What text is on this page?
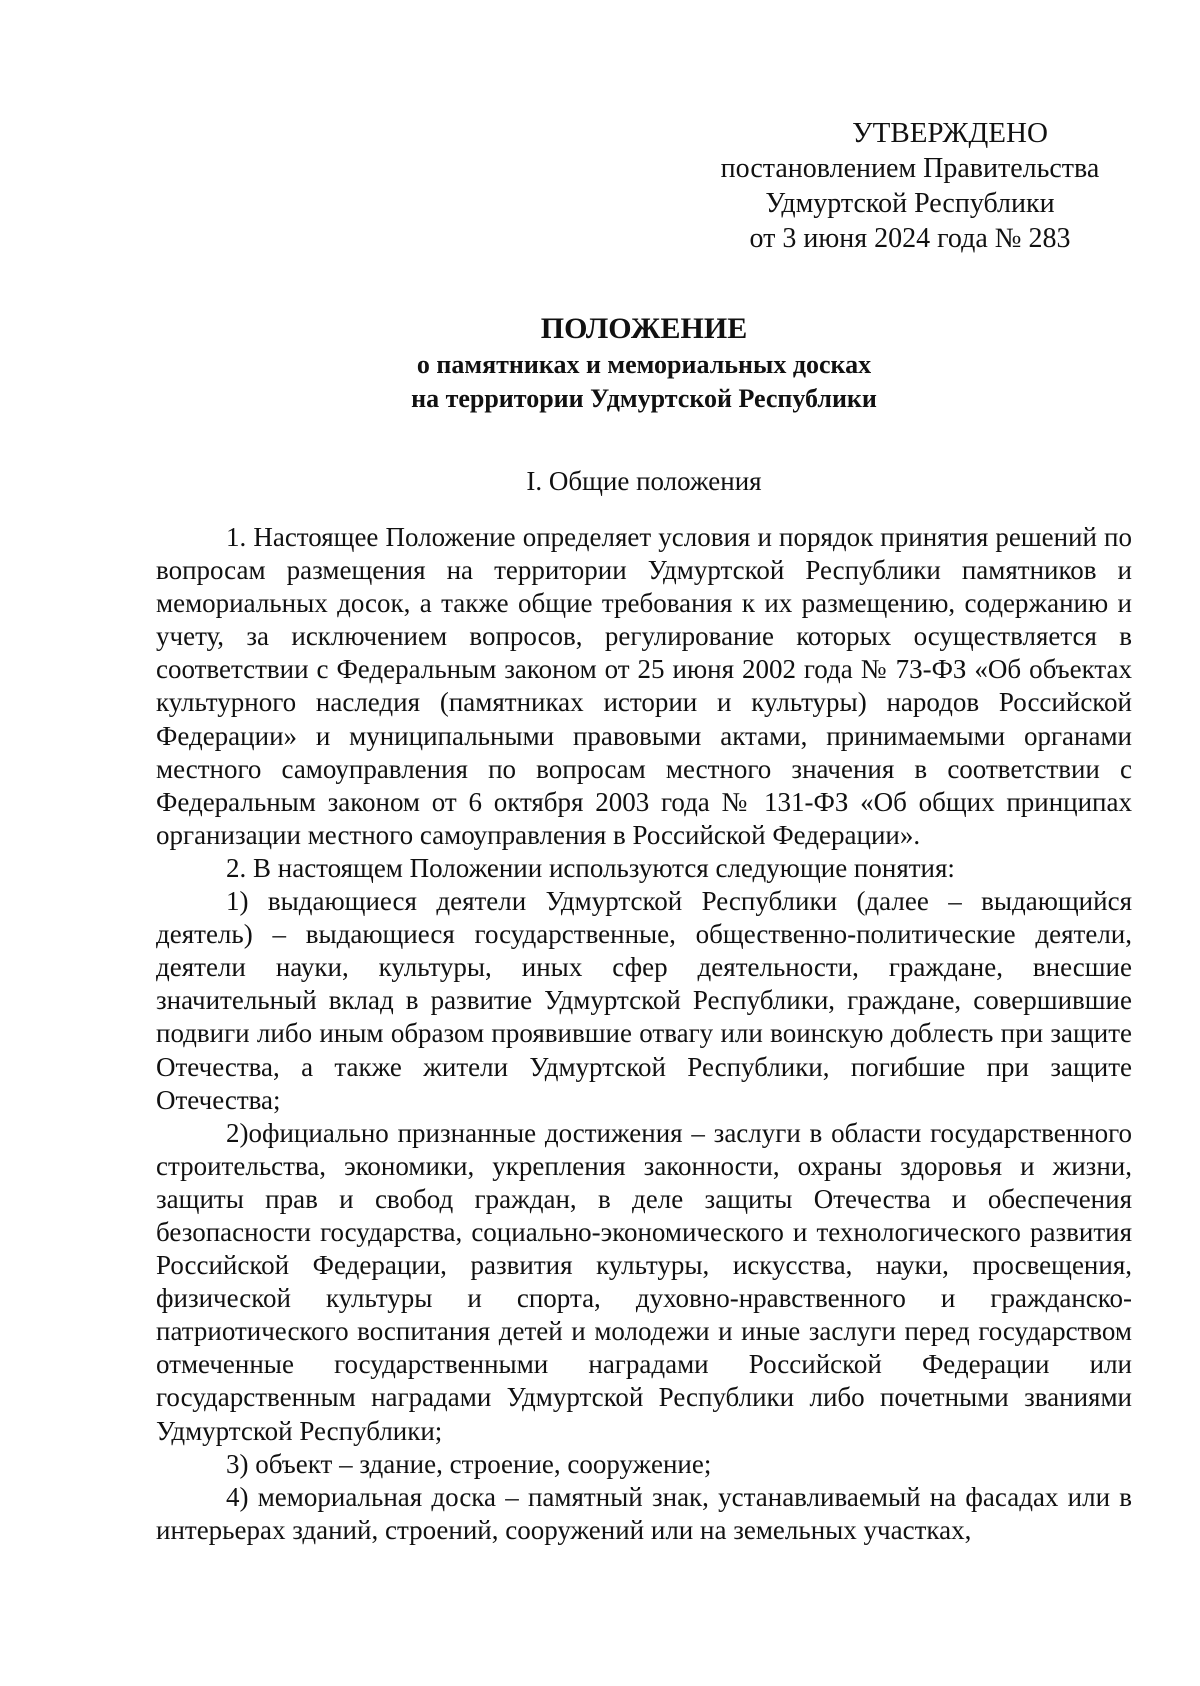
УТВЕРЖДЕНО
постановлением Правительства
Удмуртской Республики
от 3 июня 2024 года № 283
ПОЛОЖЕНИЕ
о памятниках и мемориальных досках
на территории Удмуртской Республики
I. Общие положения

1. Настоящее Положение определяет условия и порядок принятия решений по вопросам размещения на территории Удмуртской Республики памятников и мемориальных досок, а также общие требования к их размещению, содержанию и учету, за исключением вопросов, регулирование которых осуществляется в соответствии с Федеральным законом от 25 июня 2002 года № 73-ФЗ «Об объектах культурного наследия (памятниках истории и культуры) народов Российской Федерации» и муниципальными правовыми актами, принимаемыми органами местного самоуправления по вопросам местного значения в соответствии с Федеральным законом от 6 октября 2003 года № 131-ФЗ «Об общих принципах организации местного самоуправления в Российской Федерации».

2. В настоящем Положении используются следующие понятия:

1) выдающиеся деятели Удмуртской Республики (далее – выдающийся деятель) – выдающиеся государственные, общественно-политические деятели, деятели науки, культуры, иных сфер деятельности, граждане, внесшие значительный вклад в развитие Удмуртской Республики, граждане, совершившие подвиги либо иным образом проявившие отвагу или воинскую доблесть при защите Отечества, а также жители Удмуртской Республики, погибшие при защите Отечества;

2)официально признанные достижения – заслуги в области государственного строительства, экономики, укрепления законности, охраны здоровья и жизни, защиты прав и свобод граждан, в деле защиты Отечества и обеспечения безопасности государства, социально-экономического и технологического развития Российской Федерации, развития культуры, искусства, науки, просвещения, физической культуры и спорта, духовно-нравственного и гражданско-патриотического воспитания детей и молодежи и иные заслуги перед государством отмеченные государственными наградами Российской Федерации или государственным наградами Удмуртской Республики либо почетными званиями Удмуртской Республики;

3) объект – здание, строение, сооружение;

4) мемориальная доска – памятный знак, устанавливаемый на фасадах или в интерьерах зданий, строений, сооружений или на земельных участках,
